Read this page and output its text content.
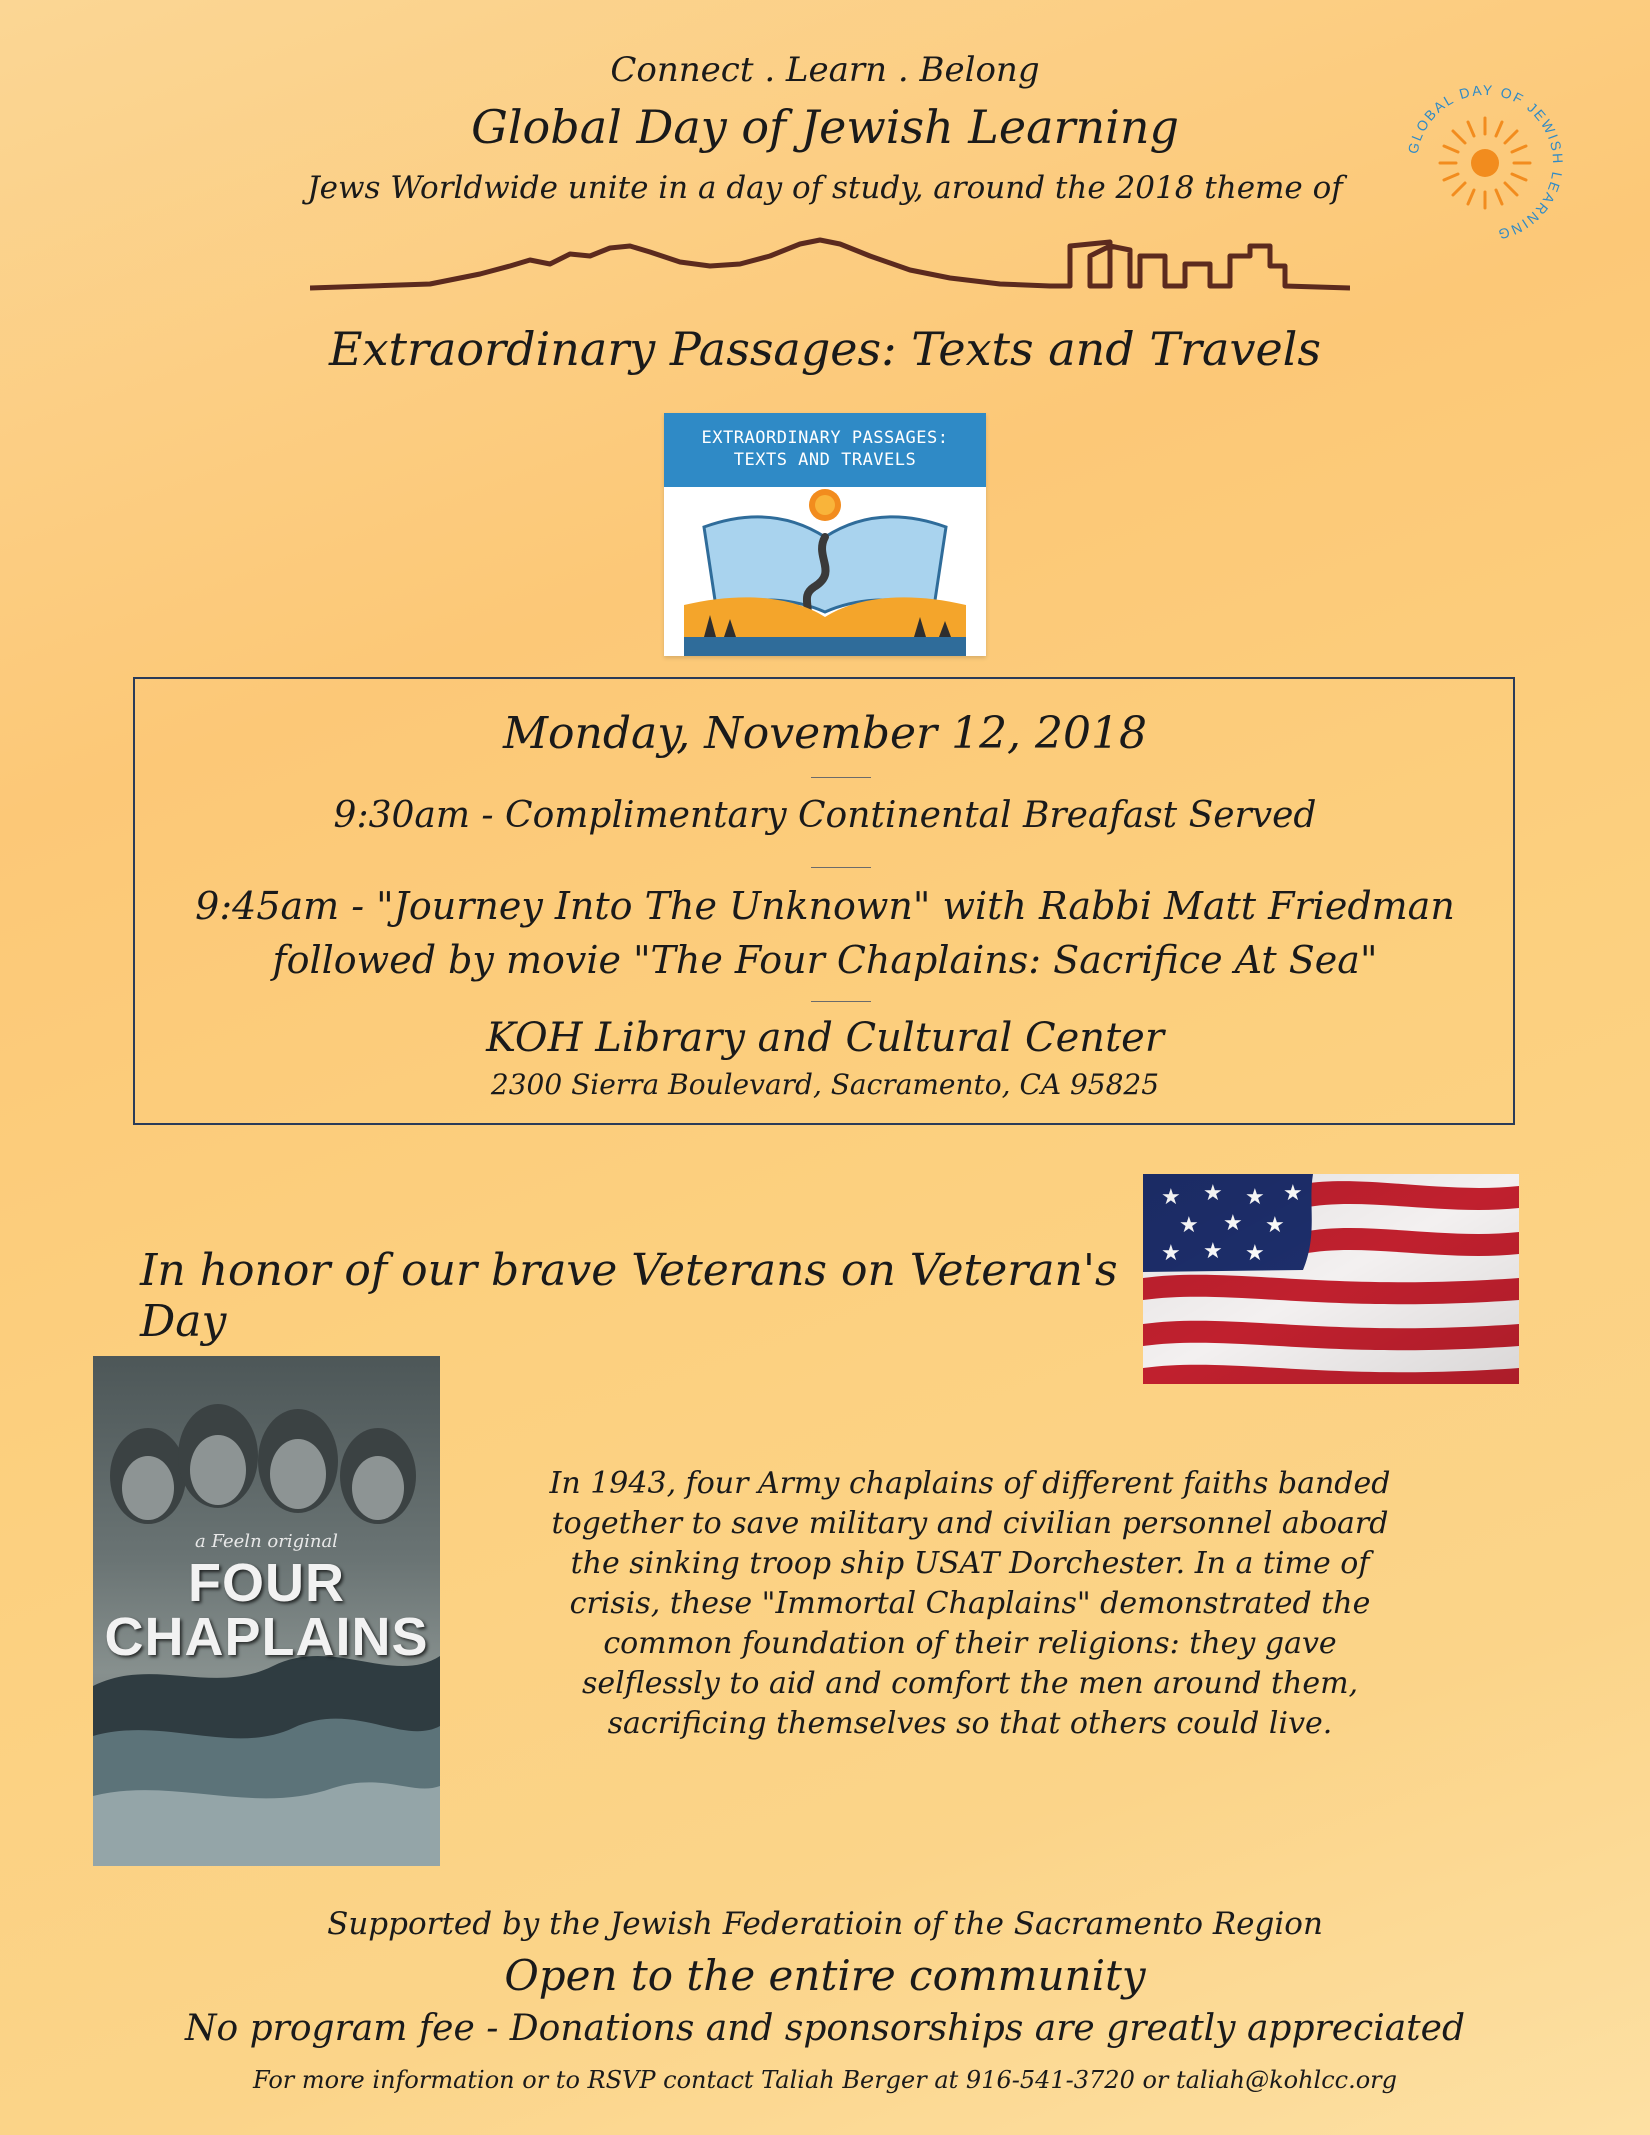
Connect . Learn . Belong
Global Day of Jewish Learning
Jews Worldwide unite in a day of study, around the 2018 theme of
GLOBAL DAY OF JEWISH LEARNING
Extraordinary Passages: Texts and Travels
EXTRAORDINARY PASSAGES:
TEXTS AND TRAVELS
Monday, November 12, 2018
9:30am - Complimentary Continental Breafast Served
9:45am - "Journey Into The Unknown" with Rabbi Matt Friedman
followed by movie "The Four Chaplains: Sacrifice At Sea"
KOH Library and Cultural Center
2300 Sierra Boulevard, Sacramento, CA 95825
In honor of our brave Veterans on Veteran's Day
★ ★ ★ ★
★ ★ ★
★ ★ ★
a Feeln original
FOUR
CHAPLAINS
In 1943, four Army chaplains of different faiths banded together to save military and civilian personnel aboard the sinking troop ship USAT Dorchester. In a time of crisis, these "Immortal Chaplains" demonstrated the common foundation of their religions: they gave selflessly to aid and comfort the men around them, sacrificing themselves so that others could live.
Supported by the Jewish Federatioin of the Sacramento Region
Open to the entire community
No program fee - Donations and sponsorships are greatly appreciated
For more information or to RSVP contact Taliah Berger at 916-541-3720 or taliah@kohlcc.org
